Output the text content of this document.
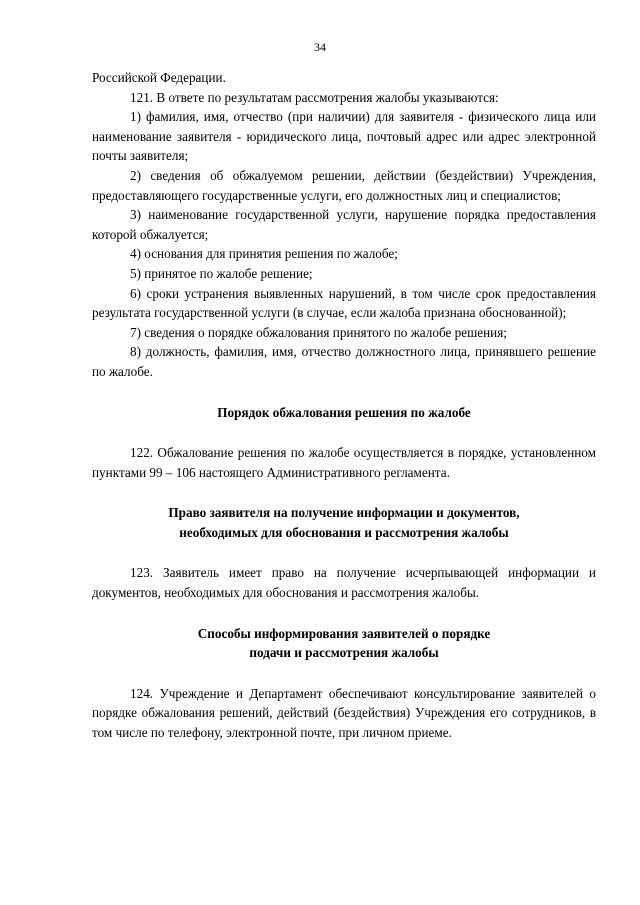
34

Российской Федерации.

121. В ответе по результатам рассмотрения жалобы указываются:

1) фамилия, имя, отчество (при наличии) для заявителя - физического лица или наименование заявителя - юридического лица, почтовый адрес или адрес электронной почты заявителя;

2) сведения об обжалуемом решении, действии (бездействии) Учреждения, предоставляющего государственные услуги, его должностных лиц и специалистов;

3) наименование государственной услуги, нарушение порядка предоставления которой обжалуется;

4) основания для принятия решения по жалобе;

5) принятое по жалобе решение;

6) сроки устранения выявленных нарушений, в том числе срок предоставления результата государственной услуги (в случае, если жалоба признана обоснованной);

7) сведения о порядке обжалования принятого по жалобе решения;

8) должность, фамилия, имя, отчество должностного лица, принявшего решение по жалобе.

Порядок обжалования решения по жалобе

122. Обжалование решения по жалобе осуществляется в порядке, установленном пунктами 99 – 106 настоящего Административного регламента.

Право заявителя на получение информации и документов,

необходимых для обоснования и рассмотрения жалобы

123. Заявитель имеет право на получение исчерпывающей информации и документов, необходимых для обоснования и рассмотрения жалобы.

Способы информирования заявителей о порядке

подачи и рассмотрения жалобы

124. Учреждение и Департамент обеспечивают консультирование заявителей о порядке обжалования решений, действий (бездействия) Учреждения его сотрудников, в том числе по телефону, электронной почте, при личном приеме.
